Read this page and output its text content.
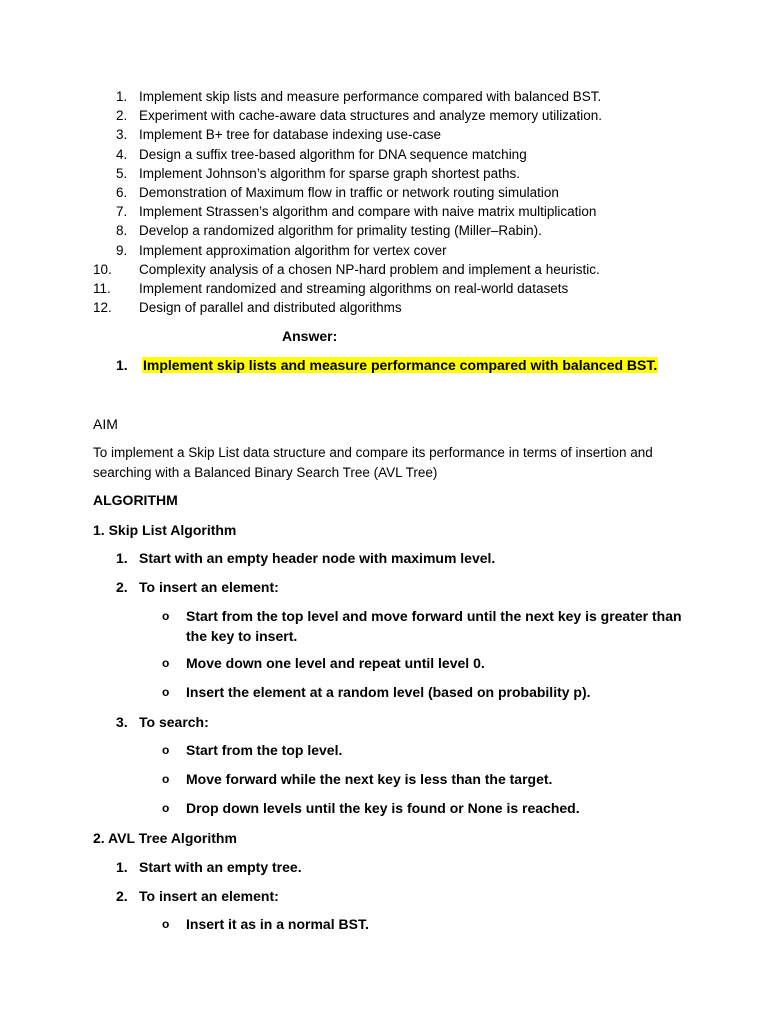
1. Implement skip lists and measure performance compared with balanced BST.
2. Experiment with cache-aware data structures and analyze memory utilization.
3. Implement B+ tree for database indexing use-case
4. Design a suffix tree-based algorithm for DNA sequence matching
5. Implement Johnson’s algorithm for sparse graph shortest paths.
6. Demonstration of Maximum flow in traffic or network routing simulation
7. Implement Strassen’s algorithm and compare with naive matrix multiplication
8. Develop a randomized algorithm for primality testing (Miller–Rabin).
9. Implement approximation algorithm for vertex cover
10. Complexity analysis of a chosen NP-hard problem and implement a heuristic.
11. Implement randomized and streaming algorithms on real-world datasets
12. Design of parallel and distributed algorithms
Answer:
1. Implement skip lists and measure performance compared with balanced BST.
AIM
To implement a Skip List data structure and compare its performance in terms of insertion and searching with a Balanced Binary Search Tree (AVL Tree)
ALGORITHM
1. Skip List Algorithm
1. Start with an empty header node with maximum level.
2. To insert an element:
o Start from the top level and move forward until the next key is greater than the key to insert.
o Move down one level and repeat until level 0.
o Insert the element at a random level (based on probability p).
3. To search:
o Start from the top level.
o Move forward while the next key is less than the target.
o Drop down levels until the key is found or None is reached.
2. AVL Tree Algorithm
1. Start with an empty tree.
2. To insert an element:
o Insert it as in a normal BST.
